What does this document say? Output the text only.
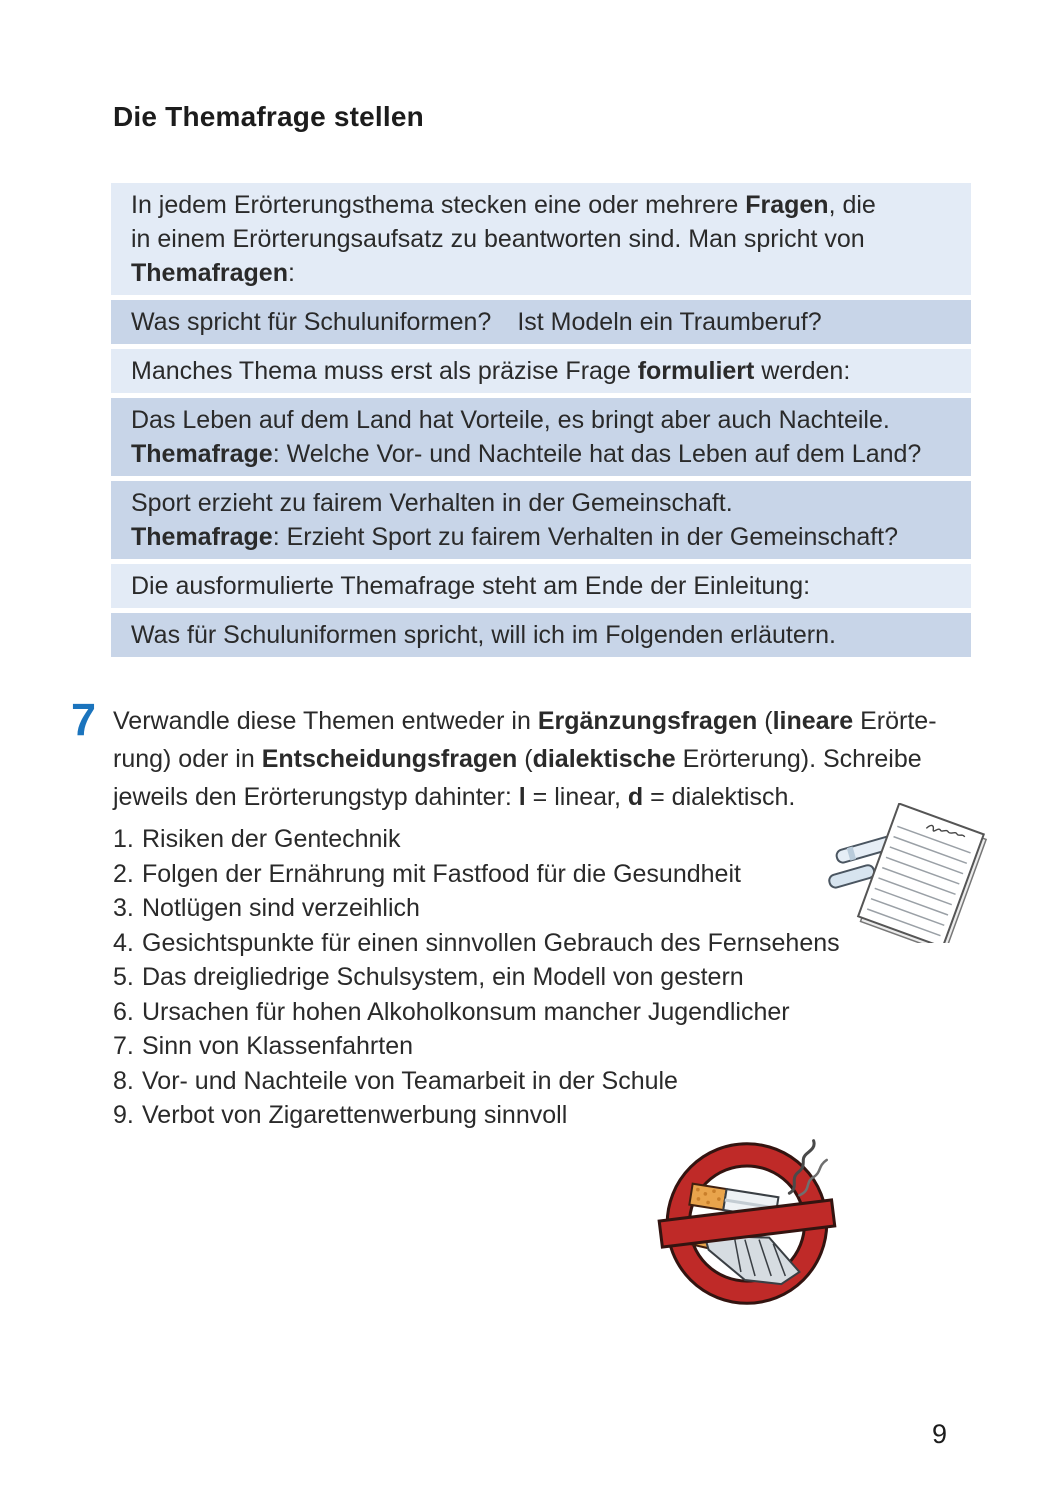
Die Themafrage stellen
In jedem Erörterungsthema stecken eine oder mehrere Fragen, die
in einem Erörterungsaufsatz zu beantworten sind. Man spricht von
Themafragen:
Was spricht für Schuluniformen? Ist Modeln ein Traumberuf?
Manches Thema muss erst als präzise Frage formuliert werden:
Das Leben auf dem Land hat Vorteile, es bringt aber auch Nachteile.
Themafrage: Welche Vor- und Nachteile hat das Leben auf dem Land?
Sport erzieht zu fairem Verhalten in der Gemeinschaft.
Themafrage: Erzieht Sport zu fairem Verhalten in der Gemeinschaft?
Die ausformulierte Themafrage steht am Ende der Einleitung:
Was für Schuluniformen spricht, will ich im Folgenden erläutern.
7 Verwandle diese Themen entweder in Ergänzungsfragen (lineare Erörte-
rung) oder in Entscheidungsfragen (dialektische Erörterung). Schreibe
jeweils den Erörterungstyp dahinter: l = linear, d = dialektisch.
1. Risiken der Gentechnik
2. Folgen der Ernährung mit Fastfood für die Gesundheit
3. Notlügen sind verzeihlich
4. Gesichtspunkte für einen sinnvollen Gebrauch des Fernsehens
5. Das dreigliedrige Schulsystem, ein Modell von gestern
6. Ursachen für hohen Alkoholkonsum mancher Jugendlicher
7. Sinn von Klassenfahrten
8. Vor- und Nachteile von Teamarbeit in der Schule
9. Verbot von Zigarettenwerbung sinnvoll
9
